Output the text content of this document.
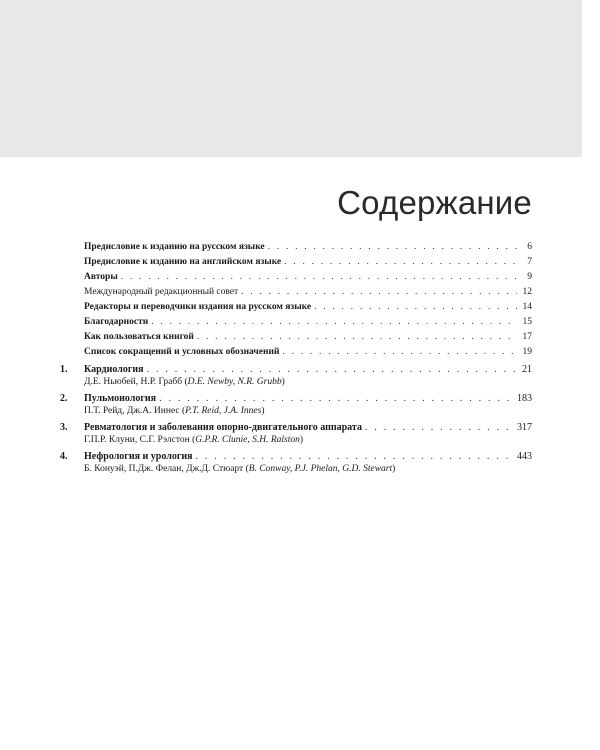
Содержание
Предисловие к изданию на русском языке . . .	6
Предисловие к изданию на английском языке . . .	7
Авторы . . .	9
Международный редакционный совет . . .	12
Редакторы и переводчики издания на русском языке . . .	14
Благодарности . . .	15
Как пользоваться книгой . . .	17
Список сокращений и условных обозначений . . .	19
1. Кардиология . . .	21
Д.Е. Ньюбей, Н.Р. Грабб (D.E. Newby, N.R. Grubb)
2. Пульмонология . . .	183
П.Т. Рейд, Дж.А. Иннес (P.T. Reid, J.A. Innes)
3. Ревматология и заболевания опорно-двигательного аппарата . . .	317
Г.П.Р. Клуни, С.Г. Рэлстон (G.P.R. Clunie, S.H. Ralston)
4. Нефрология и урология . . .	443
Б. Конуэй, П.Дж. Фелан, Дж.Д. Стюарт (B. Conway, P.J. Phelan, G.D. Stewart)
